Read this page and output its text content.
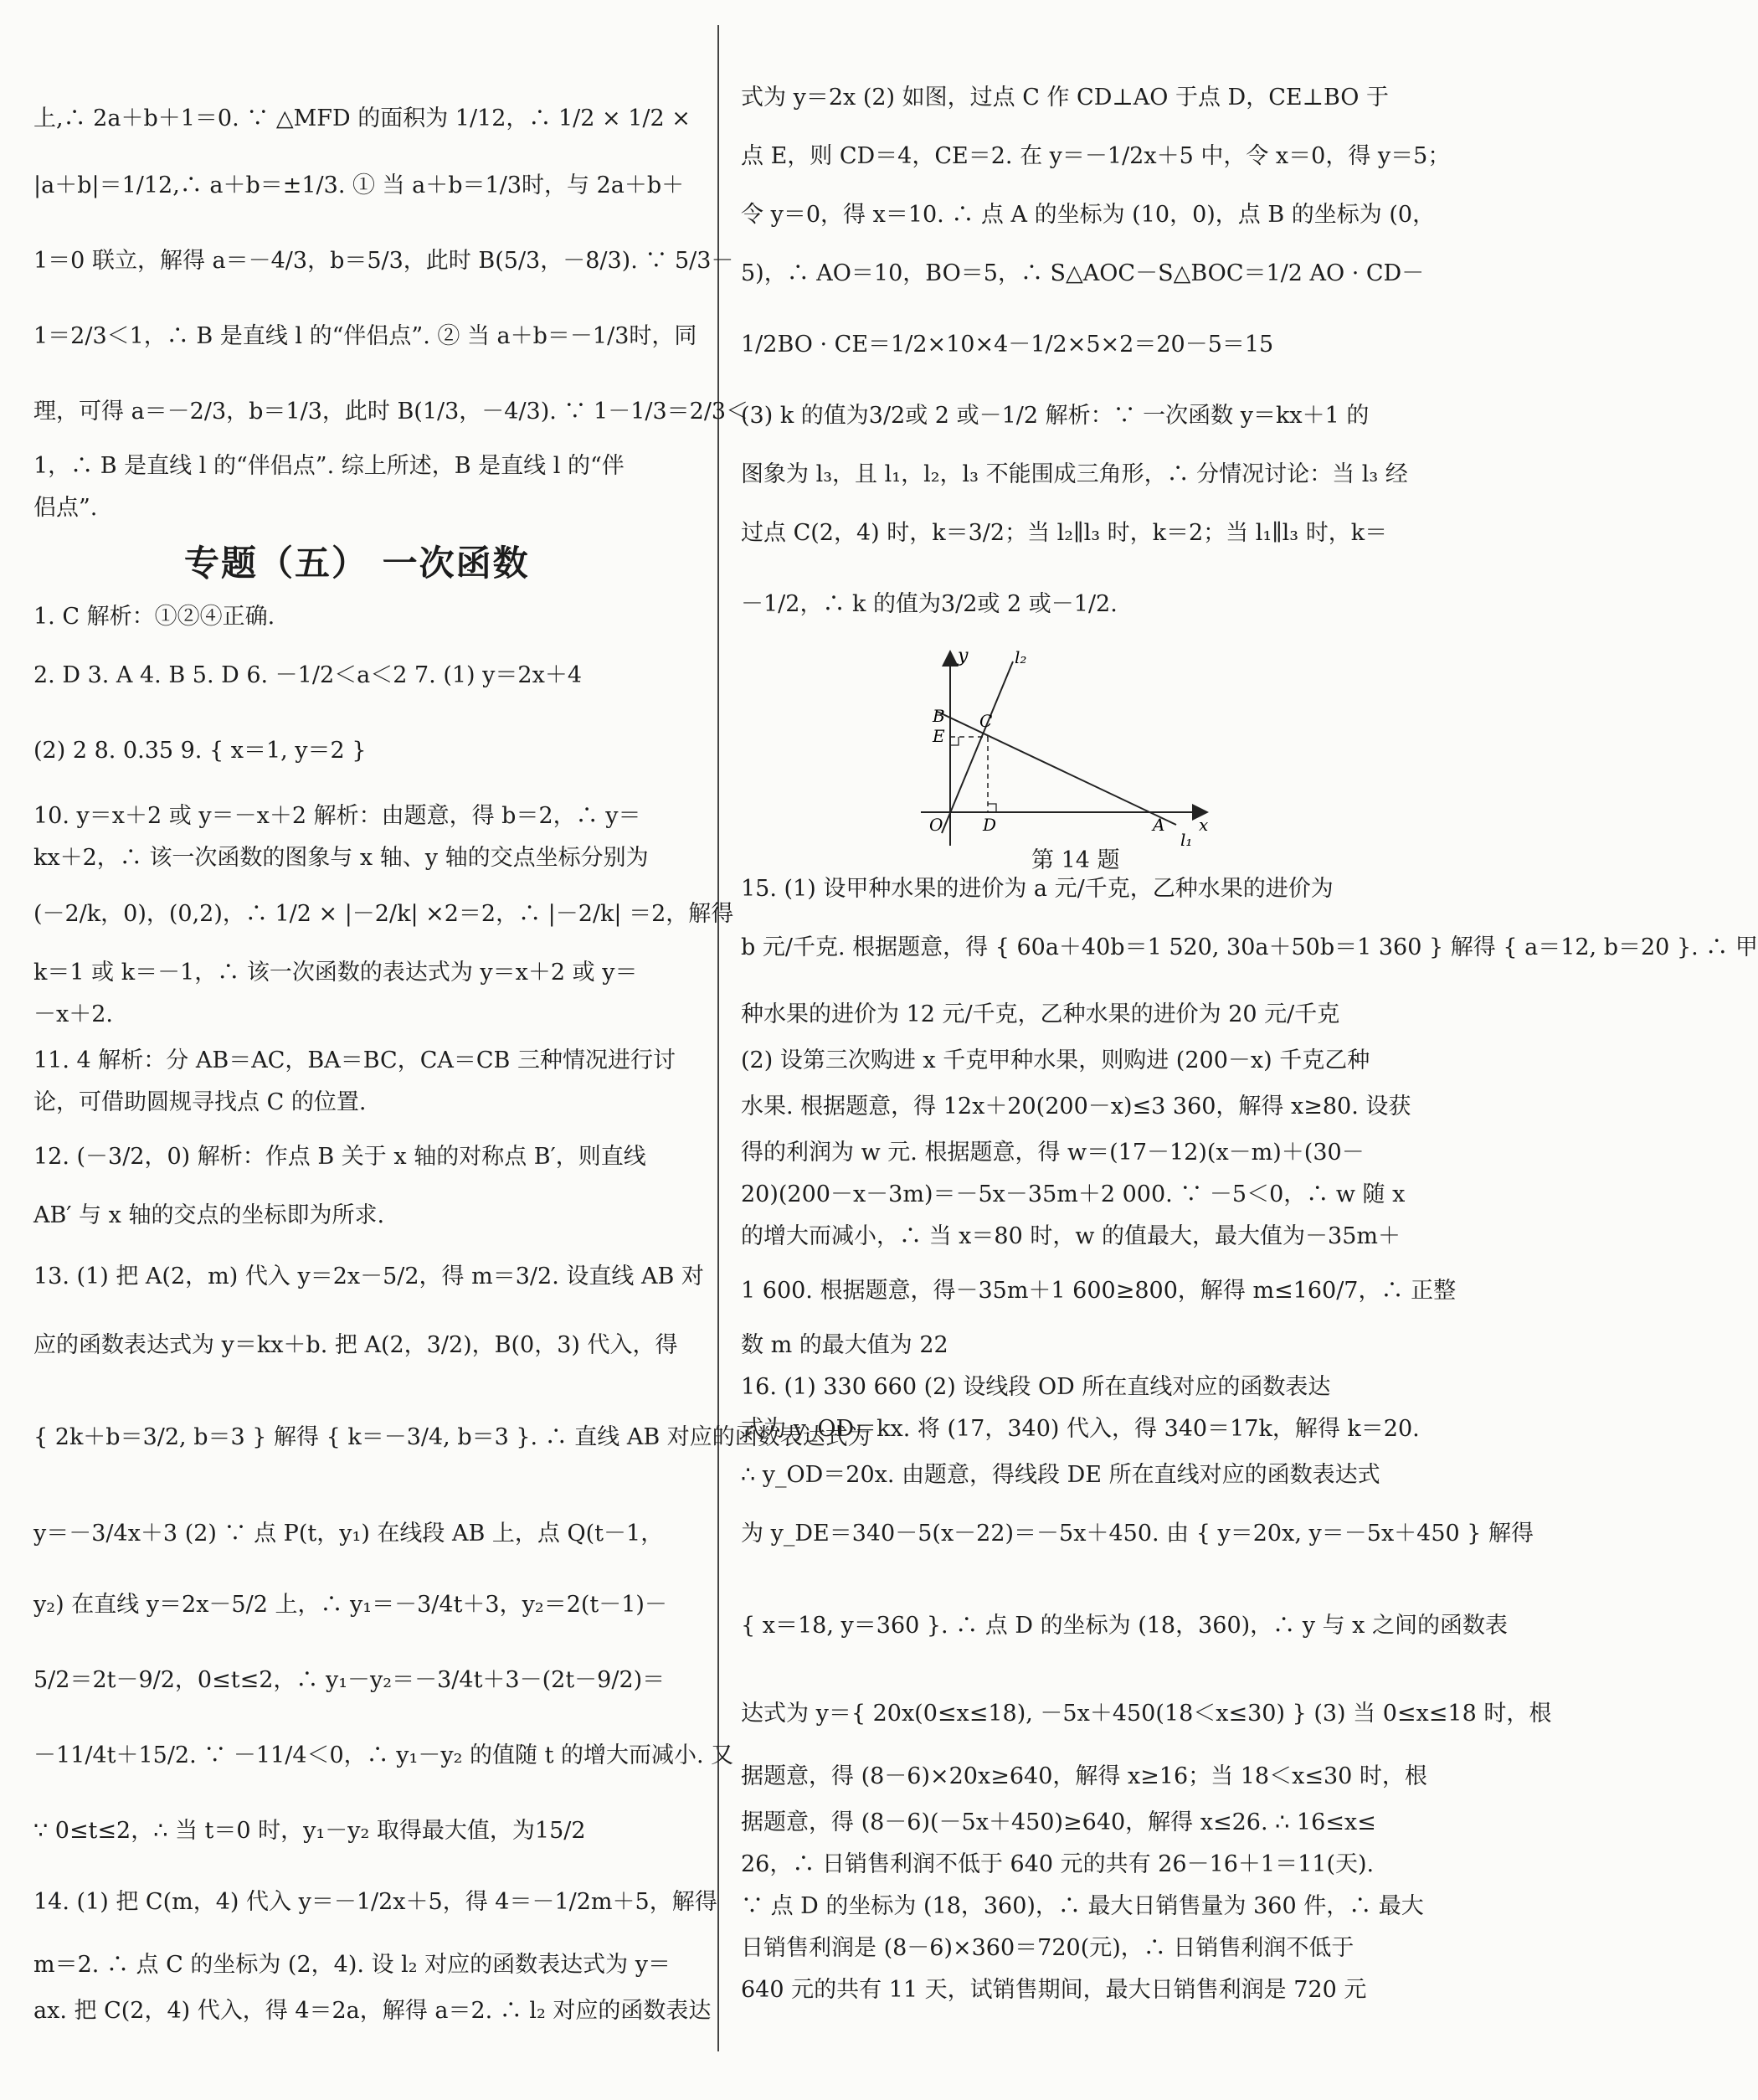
上,∴ 2a＋b＋1＝0. ∵ △MFD 的面积为 1/12，∴ 1/2 × 1/2 ×
|a＋b|＝1/12,∴ a＋b＝±1/3. ① 当 a＋b＝1/3时，与 2a＋b＋
1＝0 联立，解得 a＝－4/3，b＝5/3，此时 B(5/3，－8/3). ∵ 5/3－
1＝2/3＜1，∴ B 是直线 l 的“伴侣点”. ② 当 a＋b＝－1/3时，同
理，可得 a＝－2/3，b＝1/3，此时 B(1/3，－4/3). ∵ 1－1/3＝2/3＜
1，∴ B 是直线 l 的“伴侣点”. 综上所述，B 是直线 l 的“伴
侣点”.
专题（五） 一次函数
1. C 解析：①②④正确.
2. D 3. A 4. B 5. D 6. －1/2＜a＜2 7. (1) y＝2x＋4
(2) 2 8. 0.35 9. { x＝1, y＝2 }
10. y＝x＋2 或 y＝－x＋2 解析：由题意，得 b＝2，∴ y＝
kx＋2，∴ 该一次函数的图象与 x 轴、y 轴的交点坐标分别为
(－2/k，0)，(0,2)，∴ 1/2 × |－2/k| ×2＝2，∴ |－2/k| ＝2，解得
k＝1 或 k＝－1，∴ 该一次函数的表达式为 y＝x＋2 或 y＝
－x＋2.
11. 4 解析：分 AB＝AC，BA＝BC，CA＝CB 三种情况进行讨
论，可借助圆规寻找点 C 的位置.
12. (－3/2，0) 解析：作点 B 关于 x 轴的对称点 B′，则直线
AB′ 与 x 轴的交点的坐标即为所求.
13. (1) 把 A(2，m) 代入 y＝2x－5/2，得 m＝3/2. 设直线 AB 对
应的函数表达式为 y＝kx＋b. 把 A(2，3/2)，B(0，3) 代入，得
{ 2k＋b＝3/2, b＝3 } 解得 { k＝－3/4, b＝3 }. ∴ 直线 AB 对应的函数表达式为
y＝－3/4x＋3 (2) ∵ 点 P(t，y₁) 在线段 AB 上，点 Q(t－1，
y₂) 在直线 y＝2x－5/2 上，∴ y₁＝－3/4t＋3，y₂＝2(t－1)－
5/2＝2t－9/2，0≤t≤2，∴ y₁－y₂＝－3/4t＋3－(2t－9/2)＝
－11/4t＋15/2. ∵ －11/4＜0，∴ y₁－y₂ 的值随 t 的增大而减小. 又
∵ 0≤t≤2，∴ 当 t＝0 时，y₁－y₂ 取得最大值，为15/2
14. (1) 把 C(m，4) 代入 y＝－1/2x＋5，得 4＝－1/2m＋5，解得
m＝2. ∴ 点 C 的坐标为 (2，4). 设 l₂ 对应的函数表达式为 y＝
ax. 把 C(2，4) 代入，得 4＝2a，解得 a＝2. ∴ l₂ 对应的函数表达
式为 y＝2x (2) 如图，过点 C 作 CD⊥AO 于点 D，CE⊥BO 于
点 E，则 CD＝4，CE＝2. 在 y＝－1/2x＋5 中，令 x＝0，得 y＝5；
令 y＝0，得 x＝10. ∴ 点 A 的坐标为 (10，0)，点 B 的坐标为 (0，
5)，∴ AO＝10，BO＝5，∴ S△AOC－S△BOC＝1/2 AO · CD－
1/2BO · CE＝1/2×10×4－1/2×5×2＝20－5＝15
(3) k 的值为3/2或 2 或－1/2 解析：∵ 一次函数 y＝kx＋1 的
图象为 l₃，且 l₁，l₂，l₃ 不能围成三角形，∴ 分情况讨论：当 l₃ 经
过点 C(2，4) 时，k＝3/2；当 l₂∥l₃ 时，k＝2；当 l₁∥l₃ 时，k＝
－1/2，∴ k 的值为3/2或 2 或－1/2.
15. (1) 设甲种水果的进价为 a 元/千克，乙种水果的进价为
b 元/千克. 根据题意，得 { 60a＋40b＝1 520, 30a＋50b＝1 360 } 解得 { a＝12, b＝20 }. ∴ 甲
种水果的进价为 12 元/千克，乙种水果的进价为 20 元/千克
(2) 设第三次购进 x 千克甲种水果，则购进 (200－x) 千克乙种
水果. 根据题意，得 12x＋20(200－x)≤3 360，解得 x≥80. 设获
得的利润为 w 元. 根据题意，得 w＝(17－12)(x－m)＋(30－
20)(200－x－3m)＝－5x－35m＋2 000. ∵ －5＜0，∴ w 随 x
的增大而减小，∴ 当 x＝80 时，w 的值最大，最大值为－35m＋
1 600. 根据题意，得－35m＋1 600≥800，解得 m≤160/7，∴ 正整
数 m 的最大值为 22
16. (1) 330 660 (2) 设线段 OD 所在直线对应的函数表达
式为 y_OD＝kx. 将 (17，340) 代入，得 340＝17k，解得 k＝20.
∴ y_OD＝20x. 由题意，得线段 DE 所在直线对应的函数表达式
为 y_DE＝340－5(x－22)＝－5x＋450. 由 { y＝20x, y＝－5x＋450 } 解得
{ x＝18, y＝360 }. ∴ 点 D 的坐标为 (18，360)，∴ y 与 x 之间的函数表
达式为 y＝{ 20x(0≤x≤18), －5x＋450(18＜x≤30) } (3) 当 0≤x≤18 时，根
据题意，得 (8－6)×20x≥640，解得 x≥16；当 18＜x≤30 时，根
据题意，得 (8－6)(－5x＋450)≥640，解得 x≤26. ∴ 16≤x≤
26，∴ 日销售利润不低于 640 元的共有 26－16＋1＝11(天).
∵ 点 D 的坐标为 (18，360)，∴ 最大日销售量为 360 件，∴ 最大
日销售利润是 (8－6)×360＝720(元)，∴ 日销售利润不低于
640 元的共有 11 天，试销售期间，最大日销售利润是 720 元
y	l₂
B C
E
O D	A x
l₁
第 14 题
